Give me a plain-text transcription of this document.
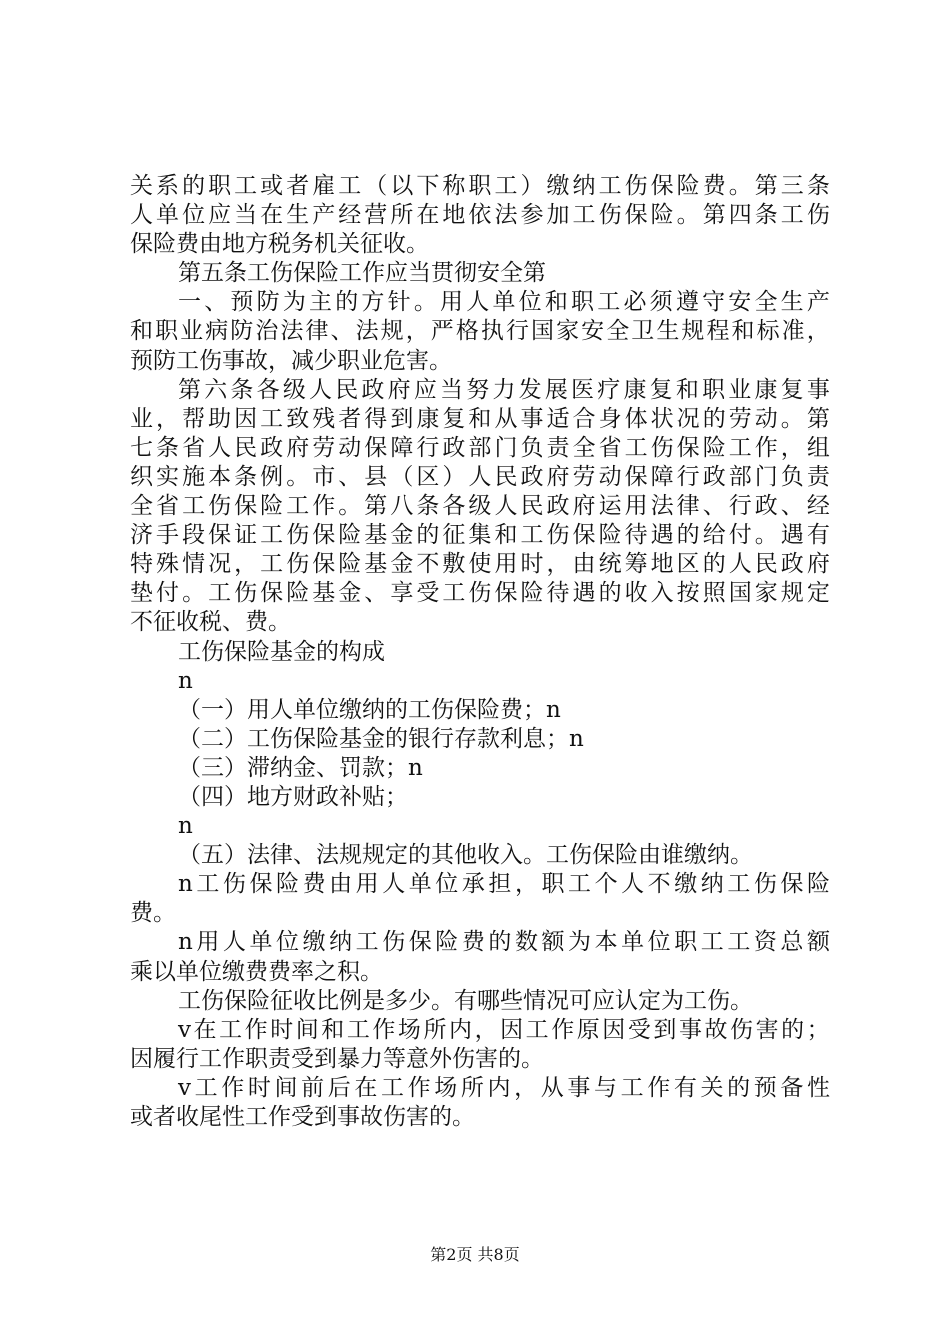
关 系 的 职 工 或 者 雇 工 （ 以 下 称 职 工 ） 缴 纳 工 伤 保 险 费 。 第 三 条
人 单 位 应 当 在 生 产 经 营 所 在 地 依 法 参 加 工 伤 保 险 。 第 四 条 工 伤
保险费由地方税务机关征收。
第五条工伤保险工作应当贯彻安全第
一 、 预 防 为 主 的 方 针 。 用 人 单 位 和 职 工 必 须 遵 守 安 全 生 产
和 职 业 病 防 治 法 律 、 法 规 ， 严 格 执 行 国 家 安 全 卫 生 规 程 和 标 准 ，
预防工伤事故，减少职业危害。
第 六 条 各 级 人 民 政 府 应 当 努 力 发 展 医 疗 康 复 和 职 业 康 复 事
业 ， 帮 助 因 工 致 残 者 得 到 康 复 和 从 事 适 合 身 体 状 况 的 劳 动 。 第
七 条 省 人 民 政 府 劳 动 保 障 行 政 部 门 负 责 全 省 工 伤 保 险 工 作 ， 组
织 实 施 本 条 例 。 市 、 县 （ 区 ） 人 民 政 府 劳 动 保 障 行 政 部 门 负 责
全 省 工 伤 保 险 工 作 。 第 八 条 各 级 人 民 政 府 运 用 法 律 、 行 政 、 经
济 手 段 保 证 工 伤 保 险 基 金 的 征 集 和 工 伤 保 险 待 遇 的 给 付 。 遇 有
特 殊 情 况 ， 工 伤 保 险 基 金 不 敷 使 用 时 ， 由 统 筹 地 区 的 人 民 政 府
垫 付 。 工 伤 保 险 基 金 、 享 受 工 伤 保 险 待 遇 的 收 入 按 照 国 家 规 定
不征收税、费。
工伤保险基金的构成
n
（一）用人单位缴纳的工伤保险费；n
（二）工伤保险基金的银行存款利息；n
（三）滞纳金、罚款；n
（四）地方财政补贴；
n
（五）法律、法规规定的其他收入。工伤保险由谁缴纳。
n 工 伤 保 险 费 由 用 人 单 位 承 担 ， 职 工 个 人 不 缴 纳 工 伤 保 险
费。
n 用 人 单 位 缴 纳 工 伤 保 险 费 的 数 额 为 本 单 位 职 工 工 资 总 额
乘以单位缴费费率之积。
工伤保险征收比例是多少。有哪些情况可应认定为工伤。
v 在 工 作 时 间 和 工 作 场 所 内 ， 因 工 作 原 因 受 到 事 故 伤 害 的 ；
因履行工作职责受到暴力等意外伤害的。
v 工 作 时 间 前 后 在 工 作 场 所 内 ， 从 事 与 工 作 有 关 的 预 备 性
或者收尾性工作受到事故伤害的。
第2页 共8页
